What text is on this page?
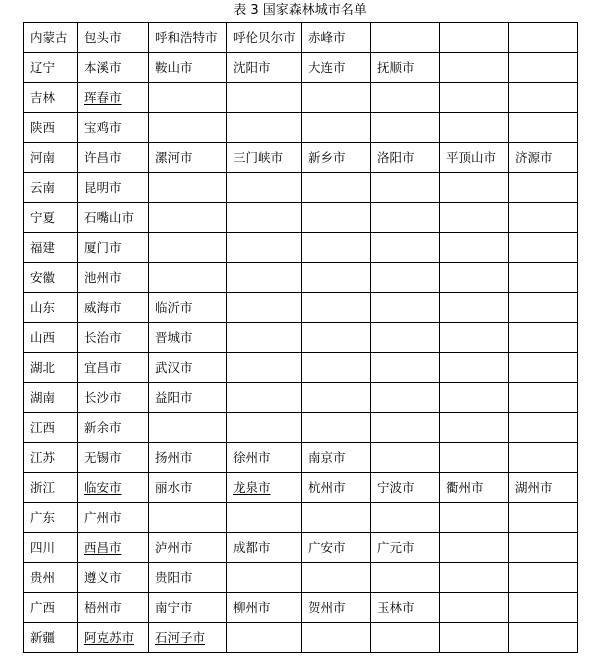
表 3 国家森林城市名单
内蒙古	包头市	呼和浩特市	呼伦贝尔市	赤峰市			
辽宁	本溪市	鞍山市	沈阳市	大连市	抚顺市		
吉林	珲春市						
陕西	宝鸡市						
河南	许昌市	漯河市	三门峡市	新乡市	洛阳市	平顶山市	济源市
云南	昆明市						
宁夏	石嘴山市						
福建	厦门市						
安徽	池州市						
山东	威海市	临沂市					
山西	长治市	晋城市					
湖北	宜昌市	武汉市					
湖南	长沙市	益阳市					
江西	新余市						
江苏	无锡市	扬州市	徐州市	南京市			
浙江	临安市	丽水市	龙泉市	杭州市	宁波市	衢州市	湖州市
广东	广州市						
四川	西昌市	泸州市	成都市	广安市	广元市		
贵州	遵义市	贵阳市					
广西	梧州市	南宁市	柳州市	贺州市	玉林市		
新疆	阿克苏市	石河子市					
